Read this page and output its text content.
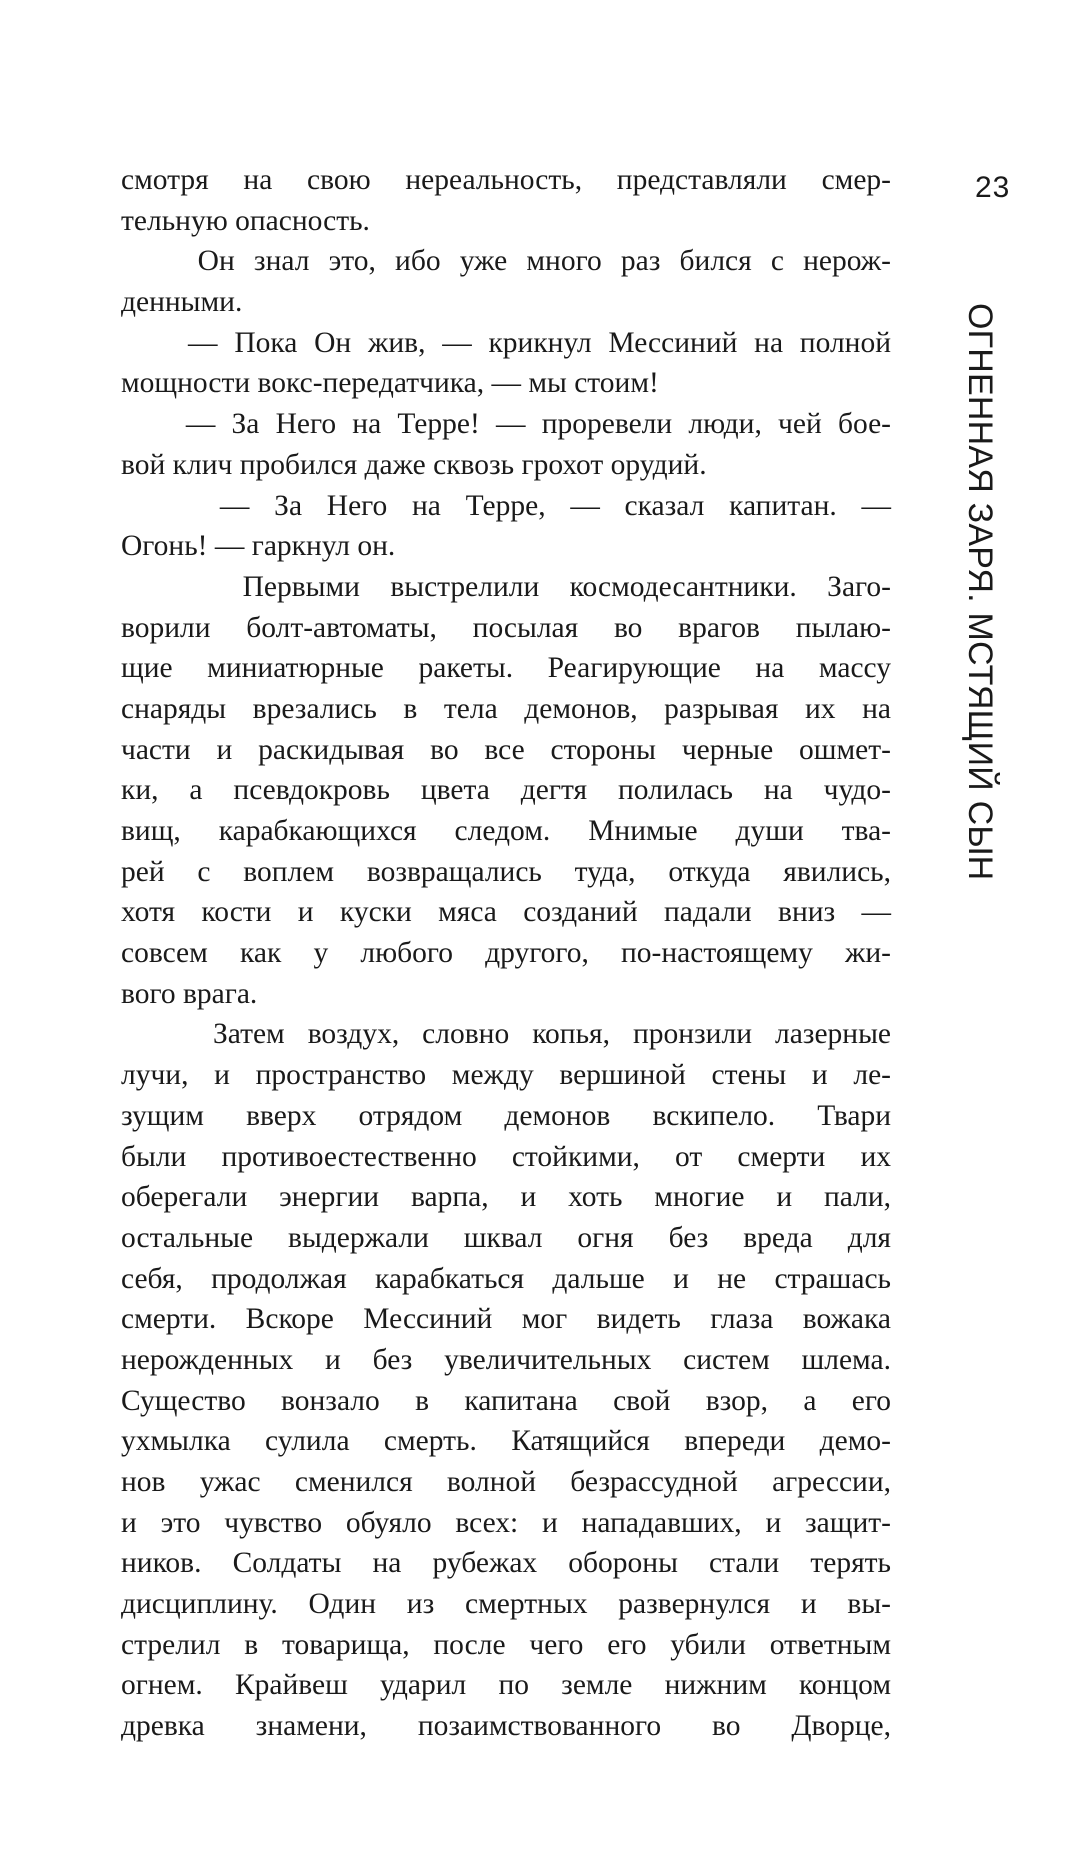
23
ОГНЕННАЯ ЗАРЯ. МСТЯЩИЙ СЫН
смотря на свою нереальность, представляли смер-
тельную опасность.
Он знал это, ибо уже много раз бился с нерож-
денными.
— Пока Он жив, — крикнул Мессиний на полной
мощности вокс-передатчика, — мы стоим!
— За Него на Терре! — проревели люди, чей бое-
вой клич пробился даже сквозь грохот орудий.
— За Него на Терре, — сказал капитан. —
Огонь! — гаркнул он.
Первыми выстрелили космодесантники. Заго-
ворили болт-автоматы, посылая во врагов пылаю-
щие миниатюрные ракеты. Реагирующие на массу
снаряды врезались в тела демонов, разрывая их на
части и раскидывая во все стороны черные ошмет-
ки, а псевдокровь цвета дегтя полилась на чудо-
вищ, карабкающихся следом. Мнимые души тва-
рей с воплем возвращались туда, откуда явились,
хотя кости и куски мяса созданий падали вниз —
совсем как у любого другого, по-настоящему жи-
вого врага.
Затем воздух, словно копья, пронзили лазерные
лучи, и пространство между вершиной стены и ле-
зущим вверх отрядом демонов вскипело. Твари
были противоестественно стойкими, от смерти их
оберегали энергии варпа, и хоть многие и пали,
остальные выдержали шквал огня без вреда для
себя, продолжая карабкаться дальше и не страшась
смерти. Вскоре Мессиний мог видеть глаза вожака
нерожденных и без увеличительных систем шлема.
Существо вонзало в капитана свой взор, а его
ухмылка сулила смерть. Катящийся впереди демо-
нов ужас сменился волной безрассудной агрессии,
и это чувство обуяло всех: и нападавших, и защит-
ников. Солдаты на рубежах обороны стали терять
дисциплину. Один из смертных развернулся и вы-
стрелил в товарища, после чего его убили ответным
огнем. Крайвеш ударил по земле нижним концом
древка знамени, позаимствованного во Дворце,
